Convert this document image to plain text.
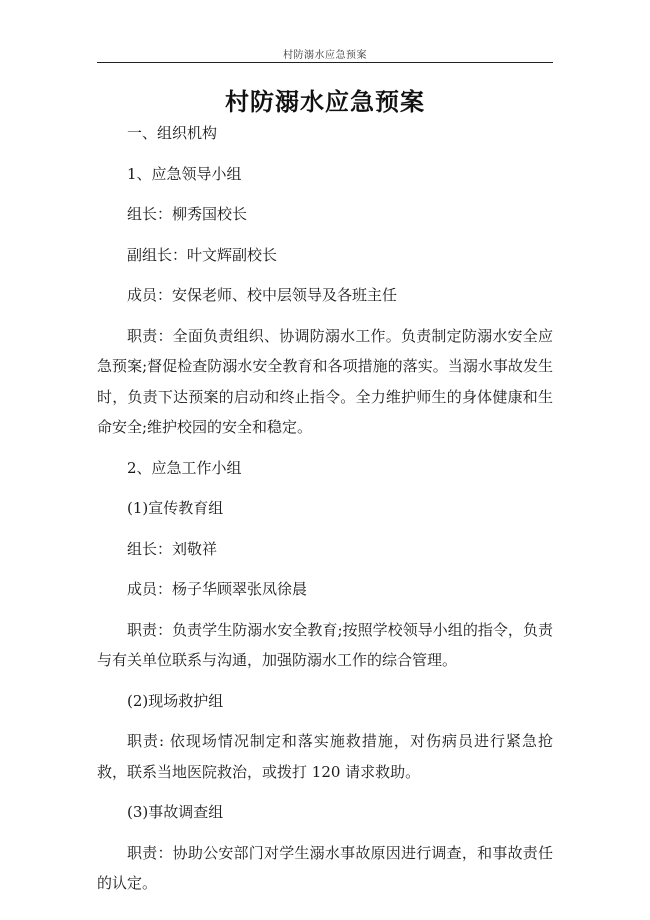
村防溺水应急预案
村防溺水应急预案

一、组织机构

1、应急领导小组

组长：柳秀国校长

副组长：叶文辉副校长

成员：安保老师、校中层领导及各班主任

职责：全面负责组织、协调防溺水工作。负责制定防溺水安全应急预案;督促检查防溺水安全教育和各项措施的落实。当溺水事故发生时，负责下达预案的启动和终止指令。全力维护师生的身体健康和生命安全;维护校园的安全和稳定。

2、应急工作小组

(1)宣传教育组

组长：刘敬祥

成员：杨子华顾翠张凤徐晨

职责：负责学生防溺水安全教育;按照学校领导小组的指令，负责与有关单位联系与沟通，加强防溺水工作的综合管理。

(2)现场救护组

职责: 依现场情况制定和落实施救措施，对伤病员进行紧急抢救，联系当地医院救治，或拨打 120 请求救助。

(3)事故调查组

职责：协助公安部门对学生溺水事故原因进行调查，和事故责任的认定。
